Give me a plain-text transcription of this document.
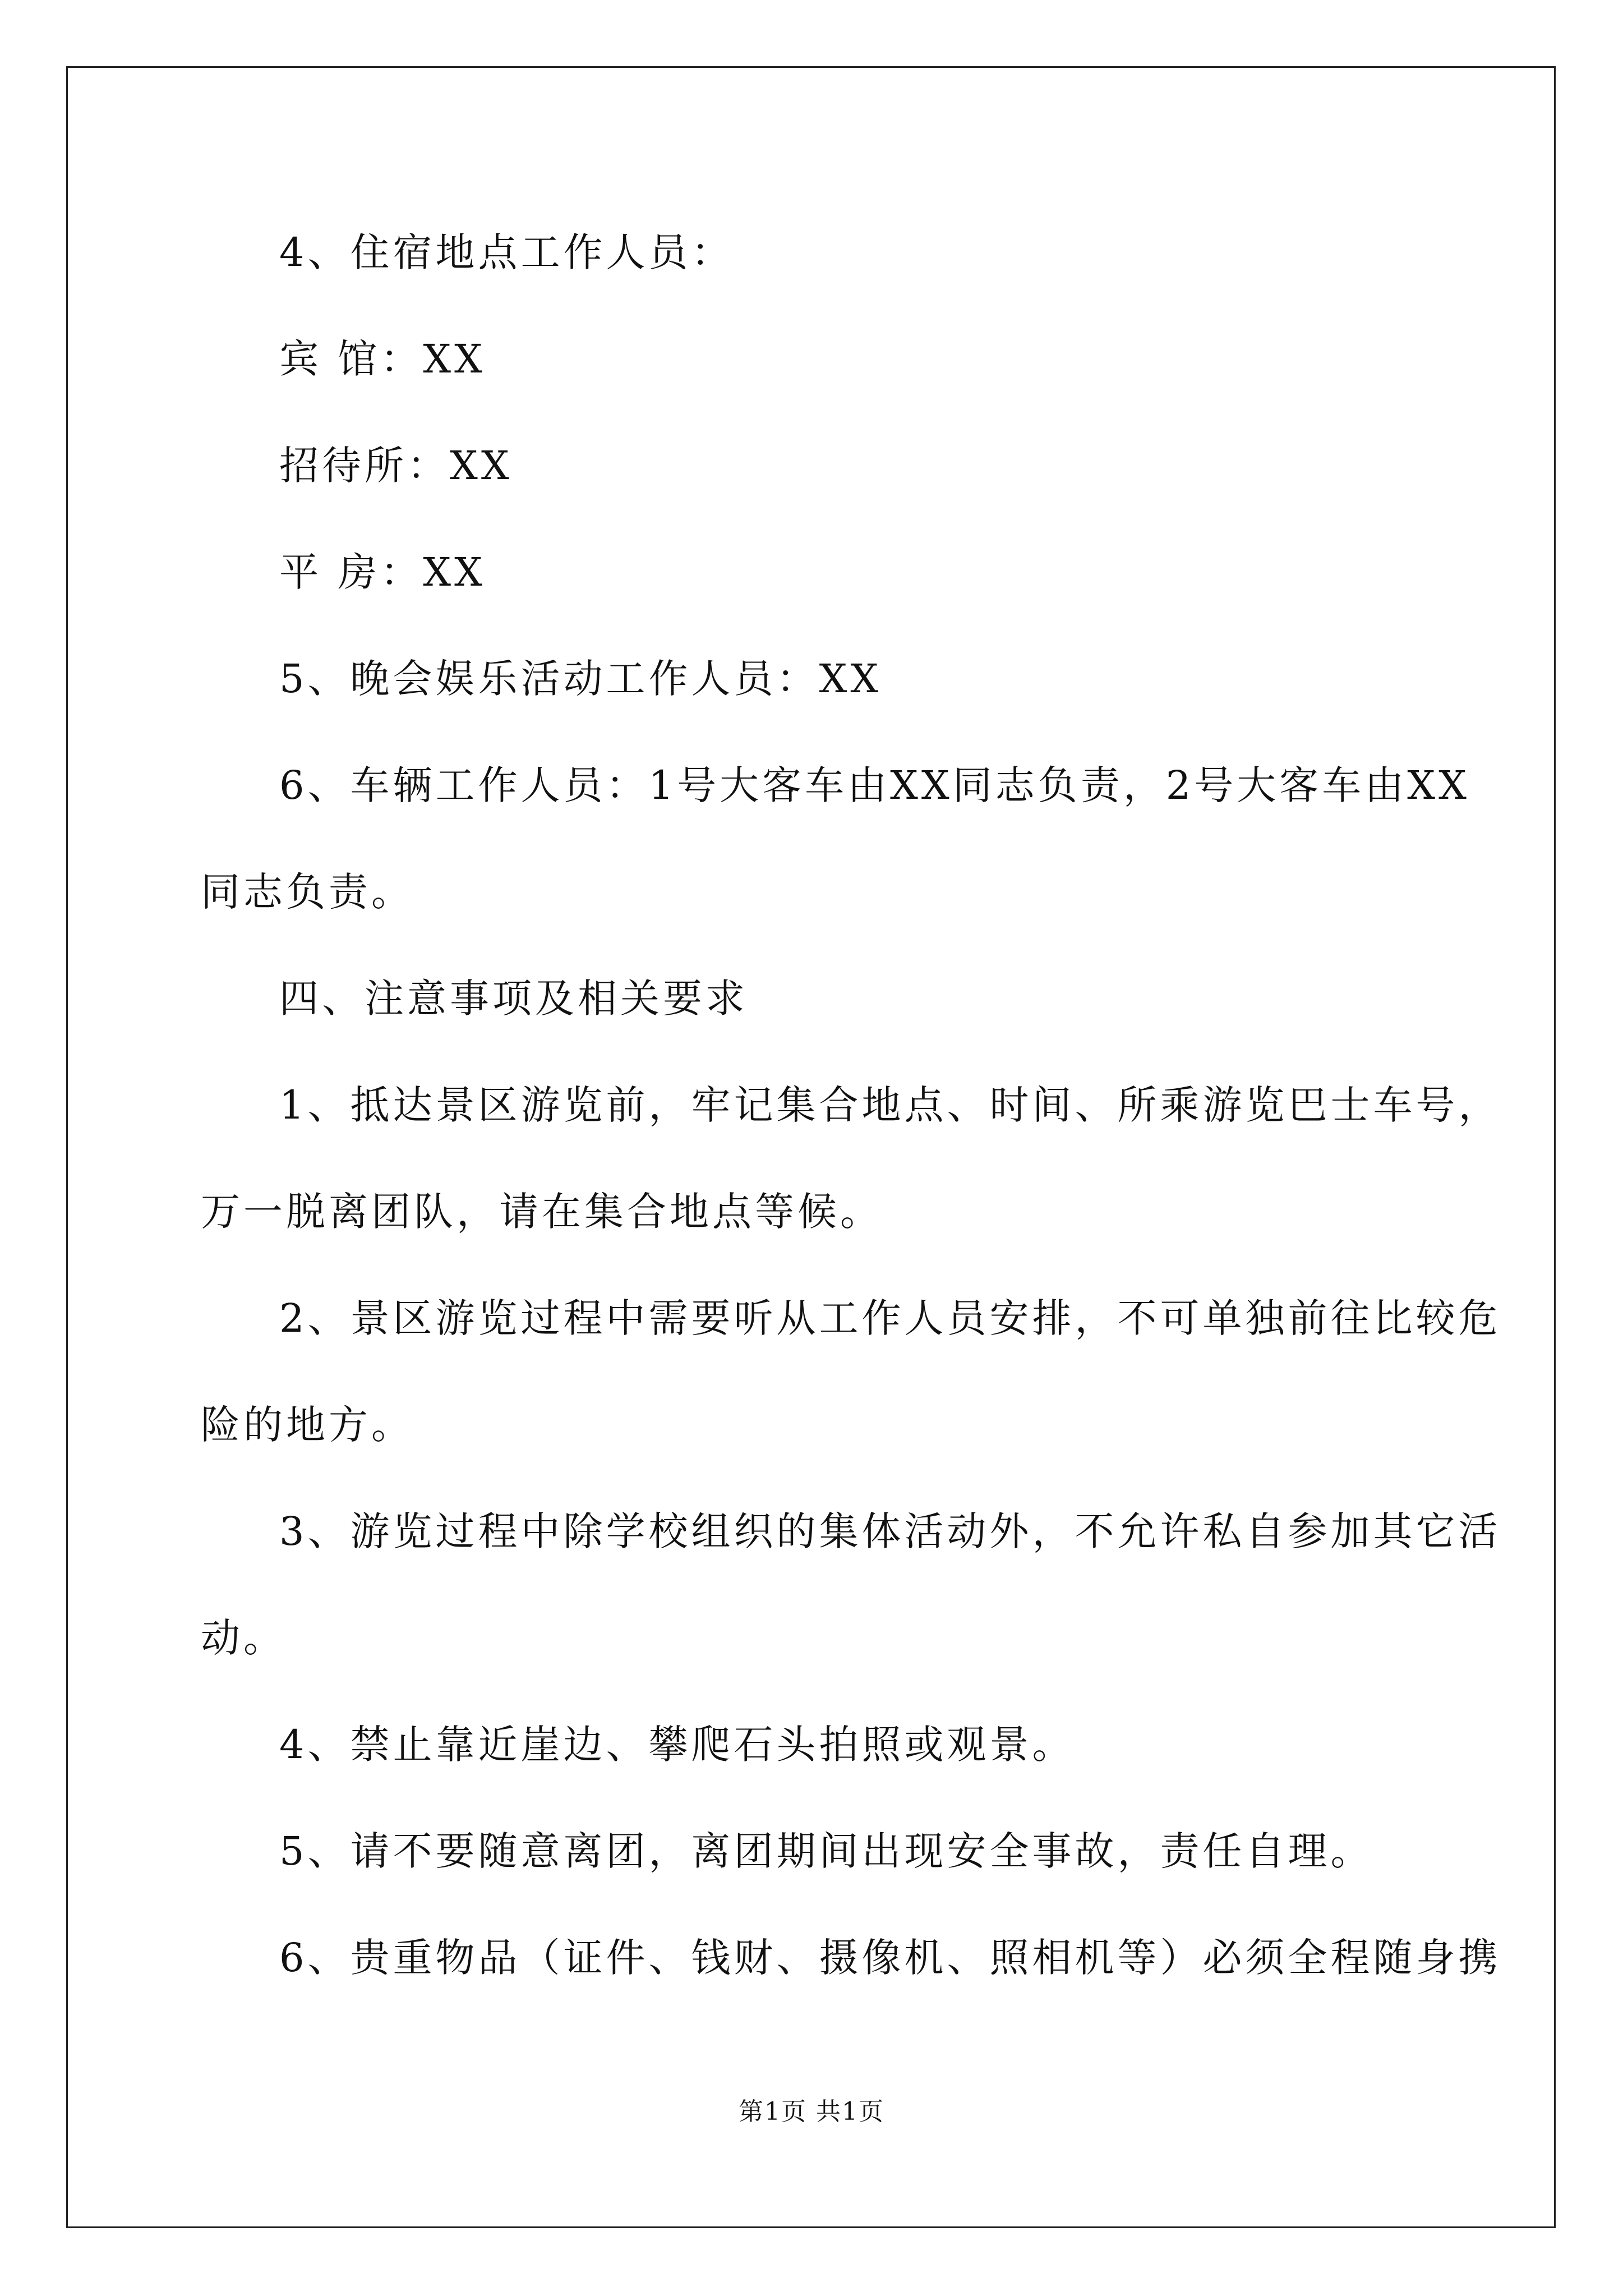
4、住宿地点工作人员：
宾 馆：XX
招待所：XX
平 房：XX
5、晚会娱乐活动工作人员：XX
6、车辆工作人员：1号大客车由XX同志负责，2号大客车由XX
同志负责。
四、注意事项及相关要求
1、抵达景区游览前，牢记集合地点、时间、所乘游览巴士车号，
万一脱离团队，请在集合地点等候。
2、景区游览过程中需要听从工作人员安排，不可单独前往比较危
险的地方。
3、游览过程中除学校组织的集体活动外，不允许私自参加其它活
动。
4、禁止靠近崖边、攀爬石头拍照或观景。
5、请不要随意离团，离团期间出现安全事故，责任自理。
6、贵重物品（证件、钱财、摄像机、照相机等）必须全程随身携
第1页 共1页
